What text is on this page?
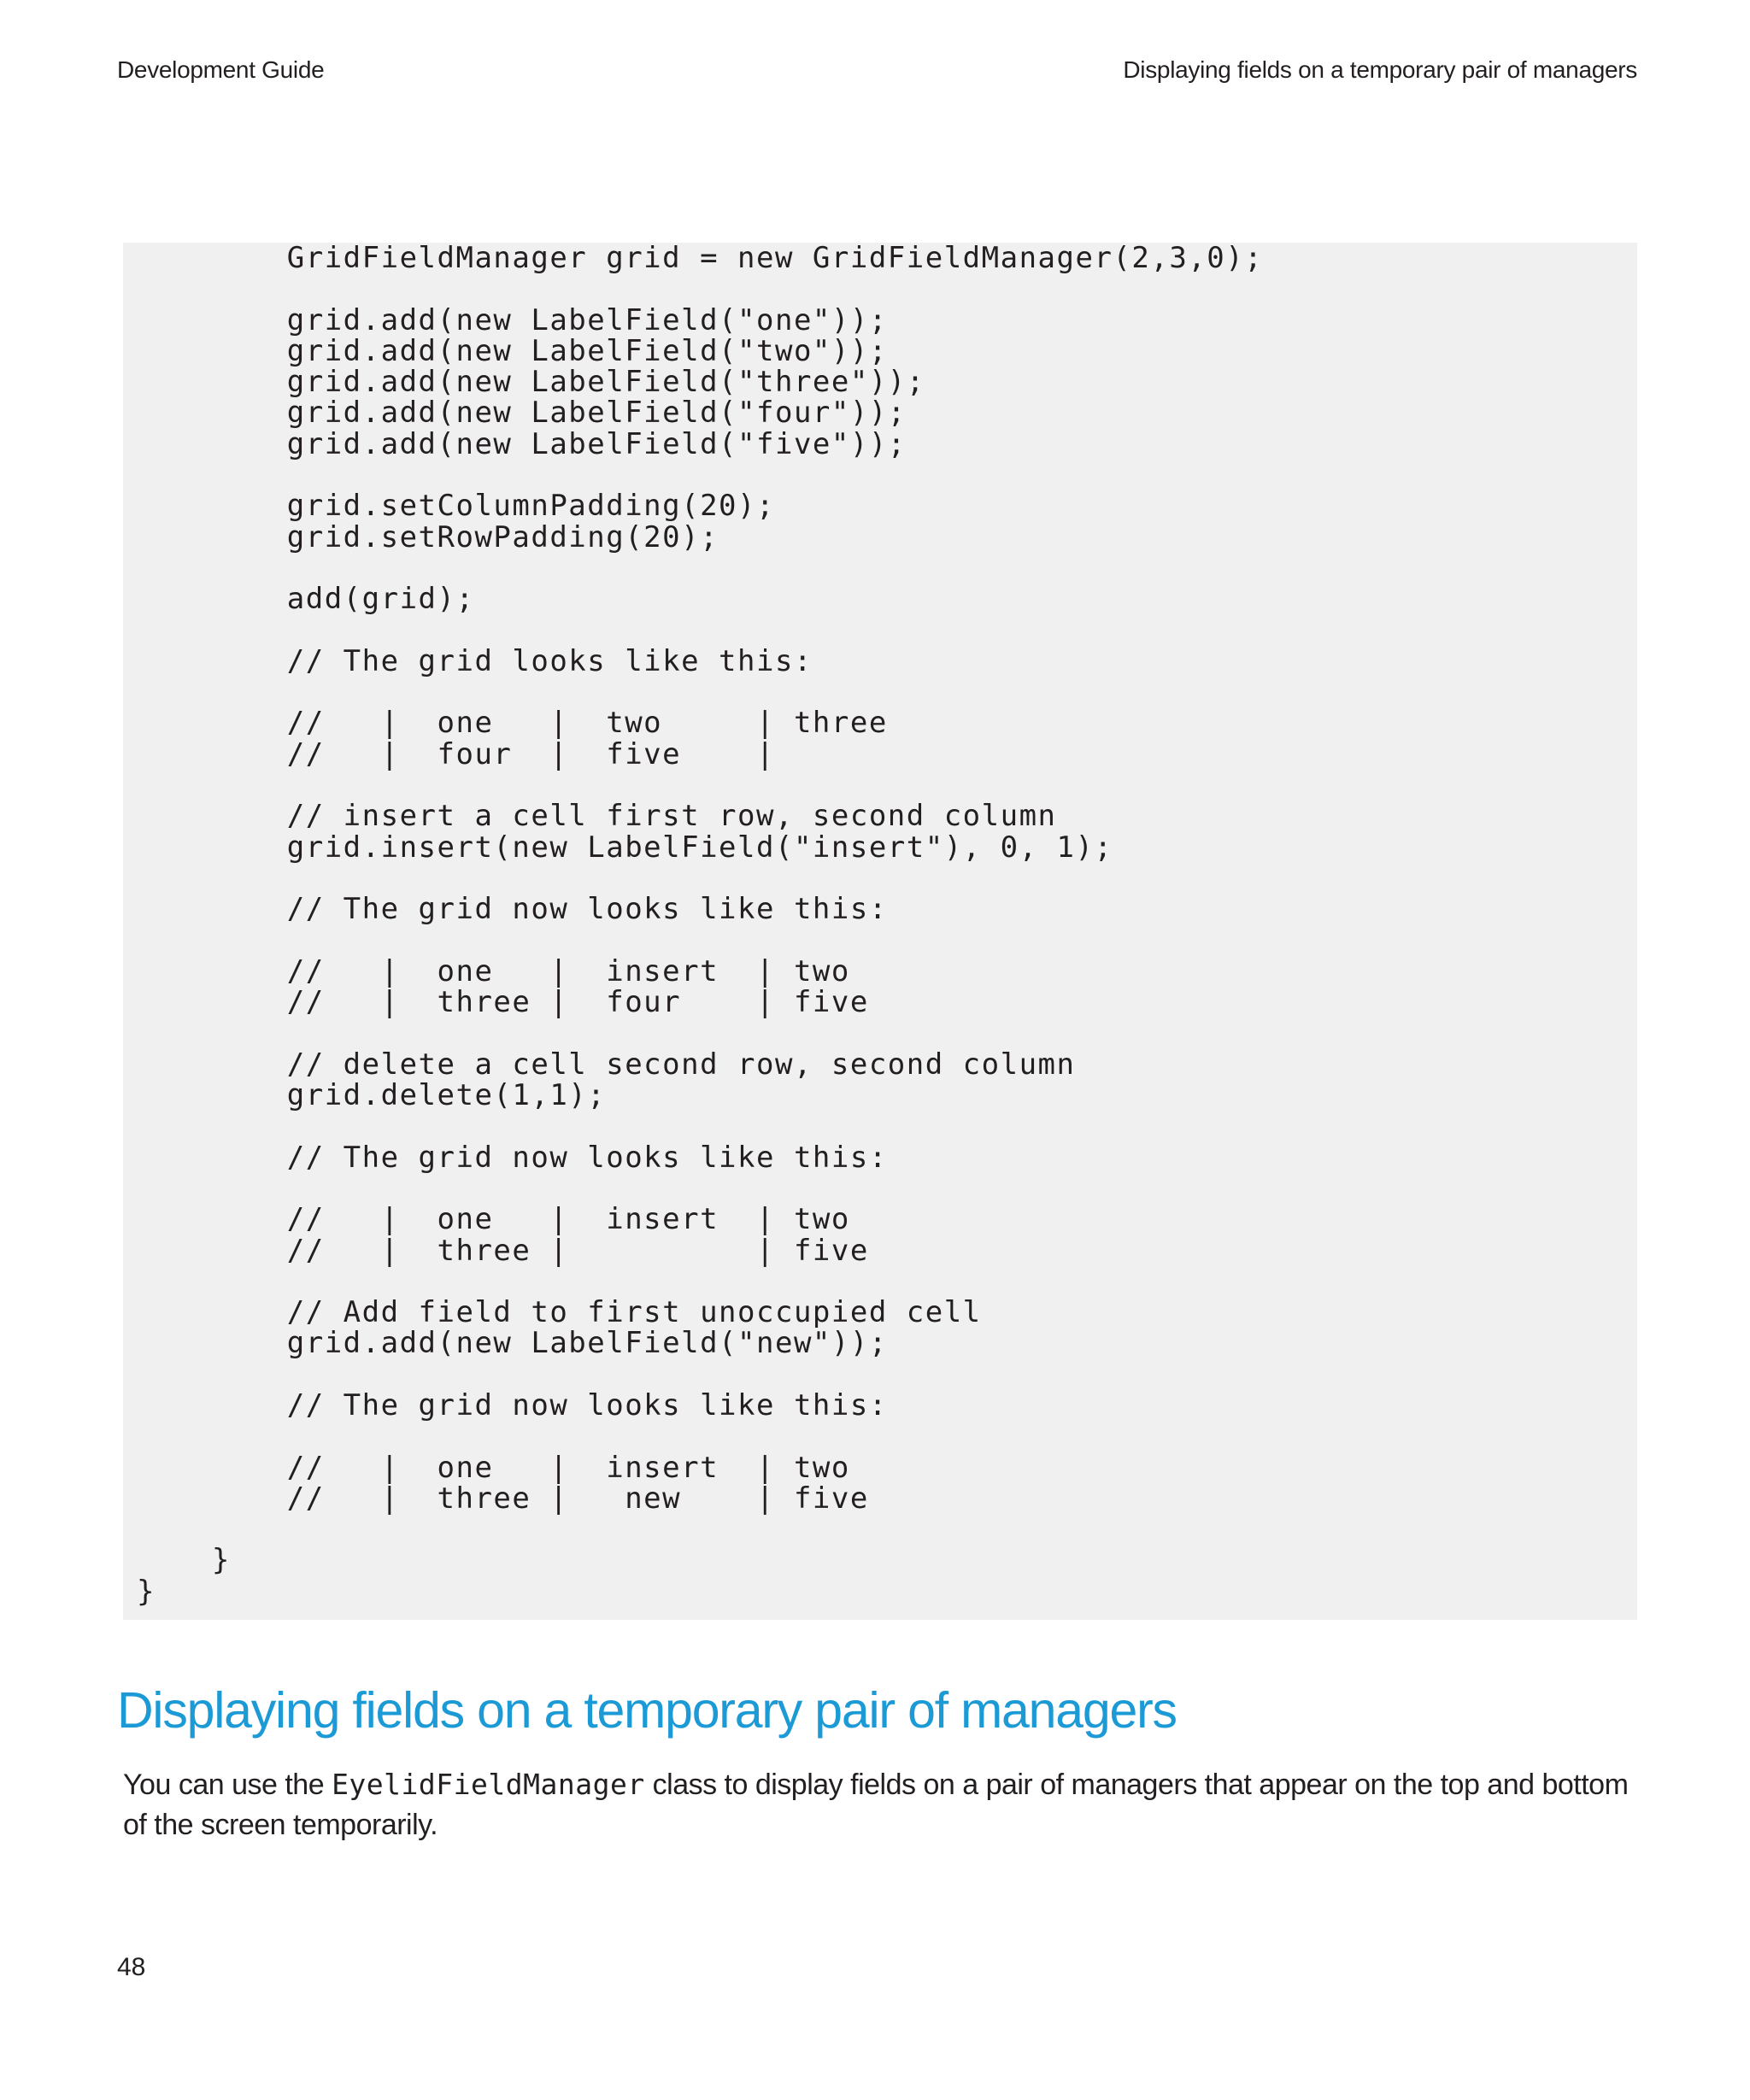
Development Guide	Displaying fields on a temporary pair of managers
GridFieldManager grid = new GridFieldManager(2,3,0);

grid.add(new LabelField("one"));
grid.add(new LabelField("two"));
grid.add(new LabelField("three"));
grid.add(new LabelField("four"));
grid.add(new LabelField("five"));

grid.setColumnPadding(20);
grid.setRowPadding(20);

add(grid);

// The grid looks like this:

//   |  one   |  two     | three
//   |  four  |  five    |

// insert a cell first row, second column
grid.insert(new LabelField("insert"), 0, 1);

// The grid now looks like this:

//   |  one   |  insert  | two
//   |  three |  four    | five

// delete a cell second row, second column
grid.delete(1,1);

// The grid now looks like this:

//   |  one   |  insert  | two
//   |  three |          | five

// Add field to first unoccupied cell
grid.add(new LabelField("new"));

// The grid now looks like this:

//   |  one   |  insert  | two
//   |  three |   new    | five

}
}
Displaying fields on a temporary pair of managers

You can use the EyelidFieldManager class to display fields on a pair of managers that appear on the top and bottom of the screen temporarily.

48
